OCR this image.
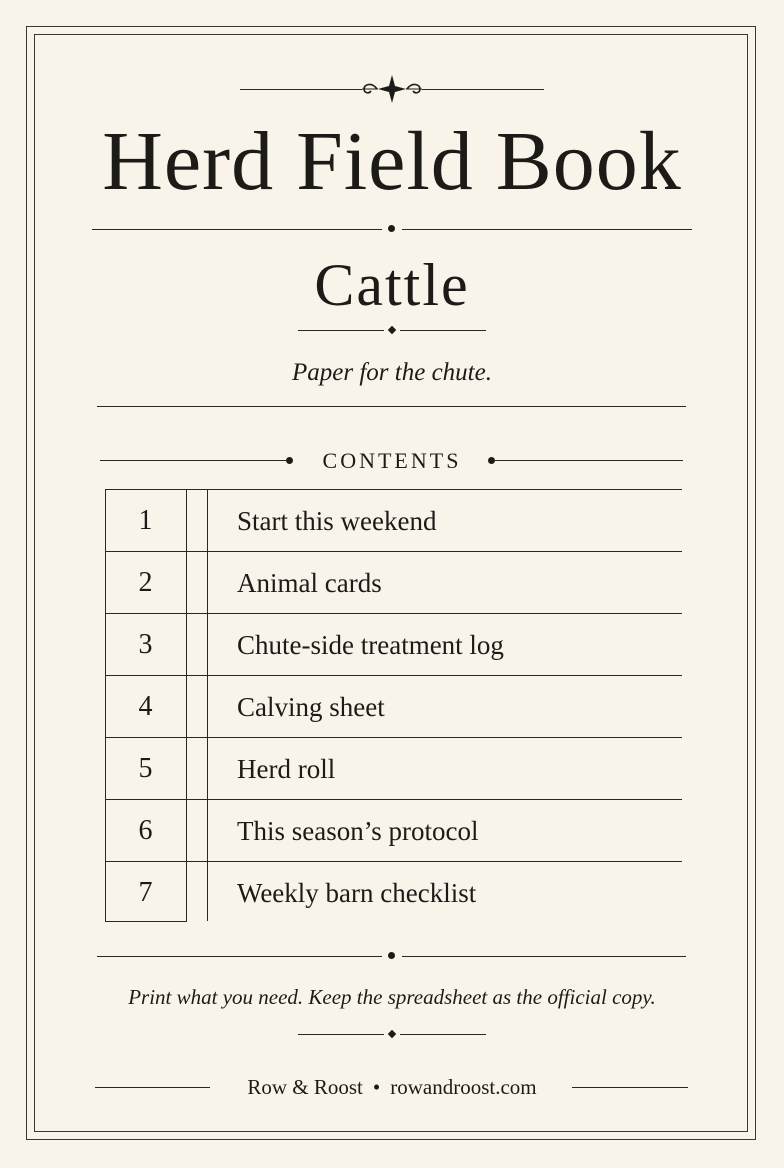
Herd Field Book
Cattle
Paper for the chute.
CONTENTS
1	Start this weekend
2	Animal cards
3	Chute-side treatment log
4	Calving sheet
5	Herd roll
6	This season’s protocol
7	Weekly barn checklist
Print what you need. Keep the spreadsheet as the official copy.
Row & Roost • rowandroost.com
